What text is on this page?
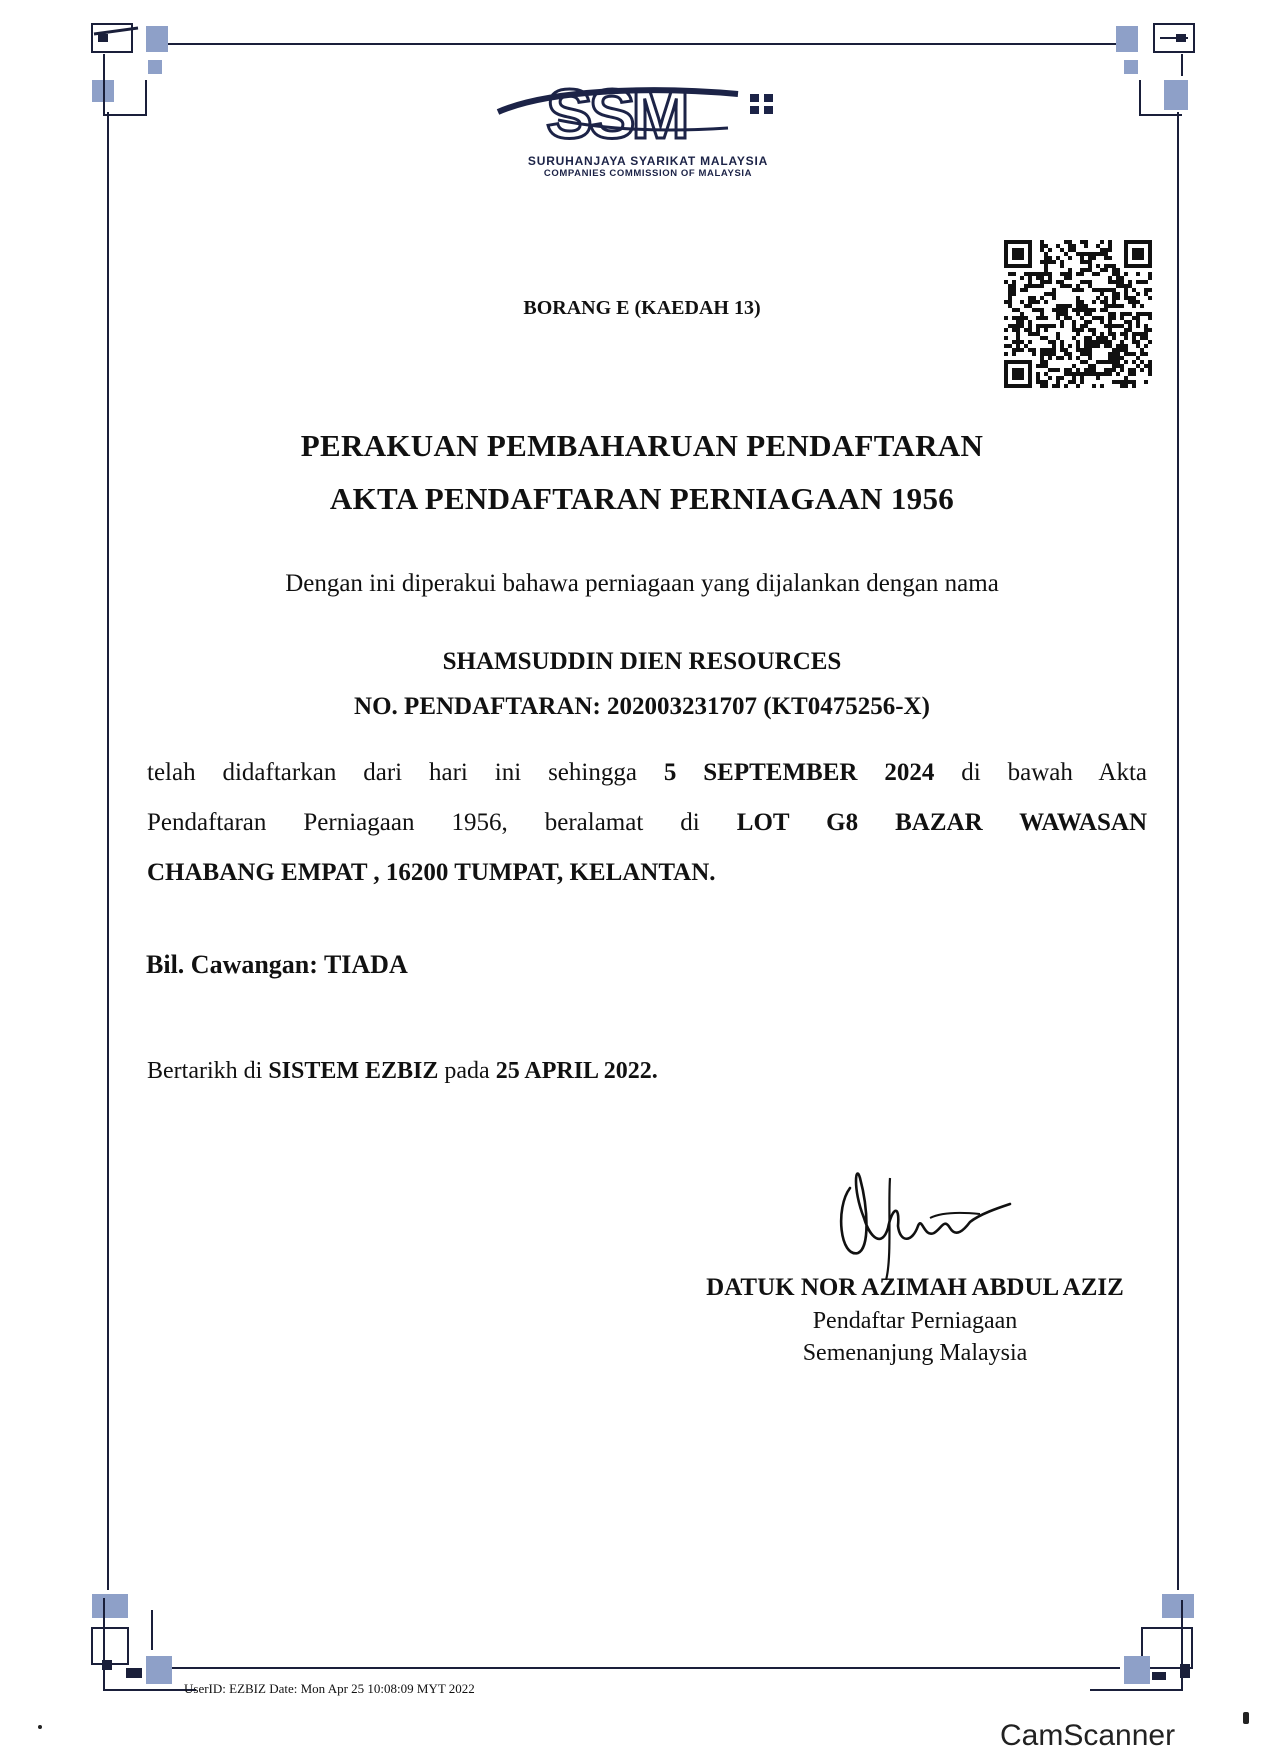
SSM
SURUHANJAYA SYARIKAT MALAYSIA
COMPANIES COMMISSION OF MALAYSIA
BORANG E (KAEDAH 13)
PERAKUAN PEMBAHARUAN PENDAFTARAN
AKTA PENDAFTARAN PERNIAGAAN 1956
Dengan ini diperakui bahawa perniagaan yang dijalankan dengan nama
SHAMSUDDIN DIEN RESOURCES
NO. PENDAFTARAN: 202003231707 (KT0475256-X)
telah didaftarkan dari hari ini sehingga 5 SEPTEMBER 2024 di bawah Akta
Pendaftaran Perniagaan 1956, beralamat di LOT G8 BAZAR WAWASAN
CHABANG EMPAT , 16200 TUMPAT, KELANTAN.
Bil. Cawangan: TIADA
Bertarikh di SISTEM EZBIZ pada 25 APRIL 2022.
DATUK NOR AZIMAH ABDUL AZIZ
Pendaftar Perniagaan
Semenanjung Malaysia
UserID: EZBIZ Date: Mon Apr 25 10:08:09 MYT 2022
CamScanner
